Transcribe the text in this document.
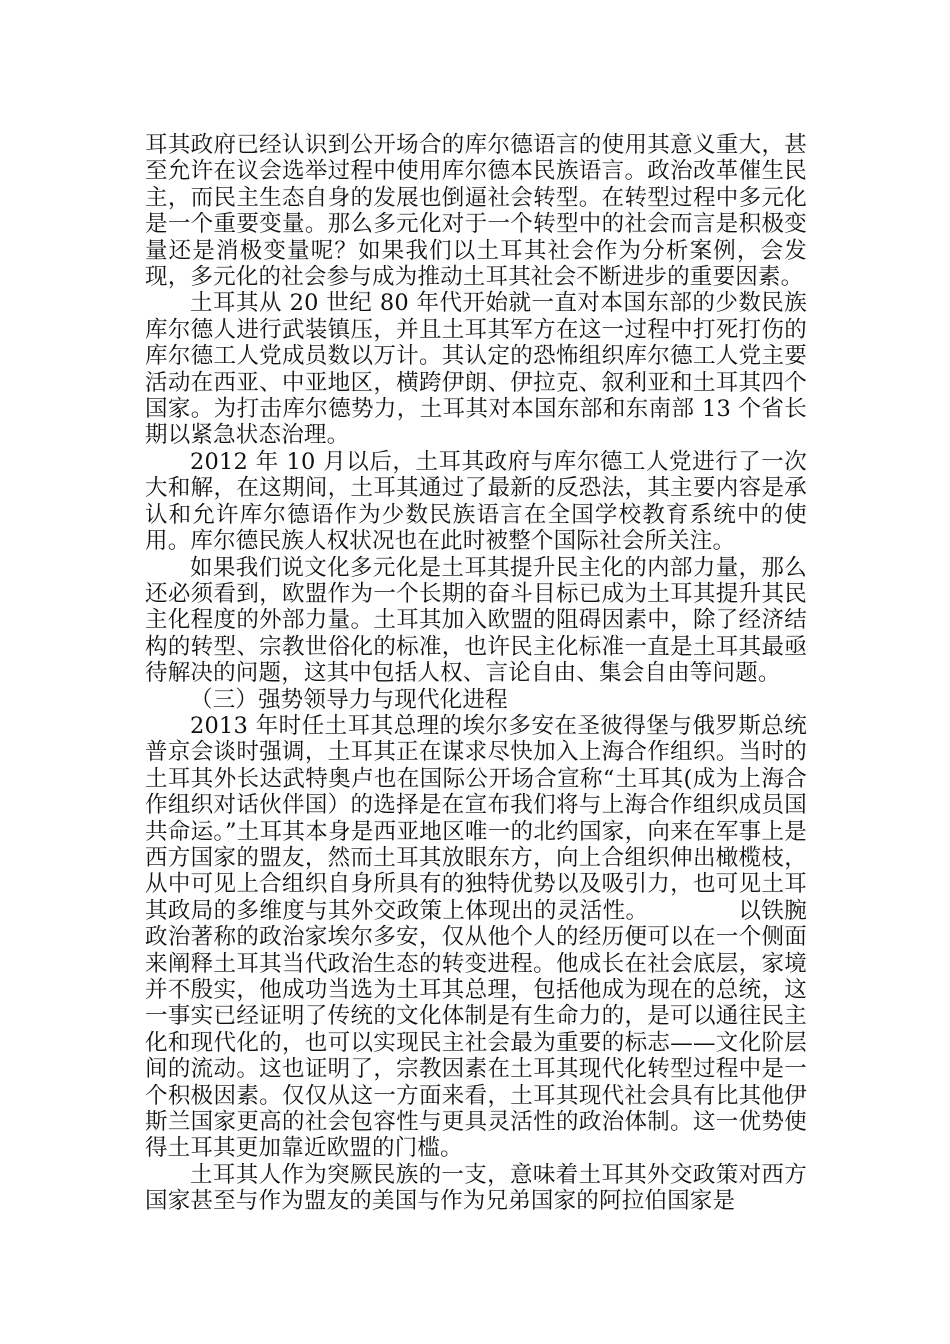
耳其政府已经认识到公开场合的库尔德语言的使用其意义重大，甚至允许在议会选举过程中使用库尔德本民族语言。政治改革催生民主，而民主生态自身的发展也倒逼社会转型。在转型过程中多元化是一个重要变量。那么多元化对于一个转型中的社会而言是积极变量还是消极变量呢？如果我们以土耳其社会作为分析案例，会发现，多元化的社会参与成为推动土耳其社会不断进步的重要因素。

土耳其从 20 世纪 80 年代开始就一直对本国东部的少数民族库尔德人进行武装镇压，并且土耳其军方在这一过程中打死打伤的库尔德工人党成员数以万计。其认定的恐怖组织库尔德工人党主要活动在西亚、中亚地区，横跨伊朗、伊拉克、叙利亚和土耳其四个国家。为打击库尔德势力，土耳其对本国东部和东南部 13 个省长期以紧急状态治理。

2012 年 10 月以后，土耳其政府与库尔德工人党进行了一次大和解，在这期间，土耳其通过了最新的反恐法，其主要内容是承认和允许库尔德语作为少数民族语言在全国学校教育系统中的使用。库尔德民族人权状况也在此时被整个国际社会所关注。

如果我们说文化多元化是土耳其提升民主化的内部力量，那么还必须看到，欧盟作为一个长期的奋斗目标已成为土耳其提升其民主化程度的外部力量。土耳其加入欧盟的阻碍因素中，除了经济结构的转型、宗教世俗化的标准，也许民主化标准一直是土耳其最亟待解决的问题，这其中包括人权、言论自由、集会自由等问题。

（三）强势领导力与现代化进程

2013 年时任土耳其总理的埃尔多安在圣彼得堡与俄罗斯总统普京会谈时强调，土耳其正在谋求尽快加入上海合作组织。当时的土耳其外长达武特奥卢也在国际公开场合宣称“土耳其(成为上海合作组织对话伙伴国）的选择是在宣布我们将与上海合作组织成员国共命运。”土耳其本身是西亚地区唯一的北约国家，向来在军事上是西方国家的盟友，然而土耳其放眼东方，向上合组织伸出橄榄枝，从中可见上合组织自身所具有的独特优势以及吸引力，也可见土耳其政局的多维度与其外交政策上体现出的灵活性。	以铁腕政治著称的政治家埃尔多安，仅从他个人的经历便可以在一个侧面来阐释土耳其当代政治生态的转变进程。他成长在社会底层，家境并不殷实，他成功当选为土耳其总理，包括他成为现在的总统，这一事实已经证明了传统的文化体制是有生命力的，是可以通往民主化和现代化的，也可以实现民主社会最为重要的标志——文化阶层间的流动。这也证明了，宗教因素在土耳其现代化转型过程中是一个积极因素。仅仅从这一方面来看，土耳其现代社会具有比其他伊斯兰国家更高的社会包容性与更具灵活性的政治体制。这一优势使得土耳其更加靠近欧盟的门槛。

土耳其人作为突厥民族的一支，意味着土耳其外交政策对西方国家甚至与作为盟友的美国与作为兄弟国家的阿拉伯国家是
